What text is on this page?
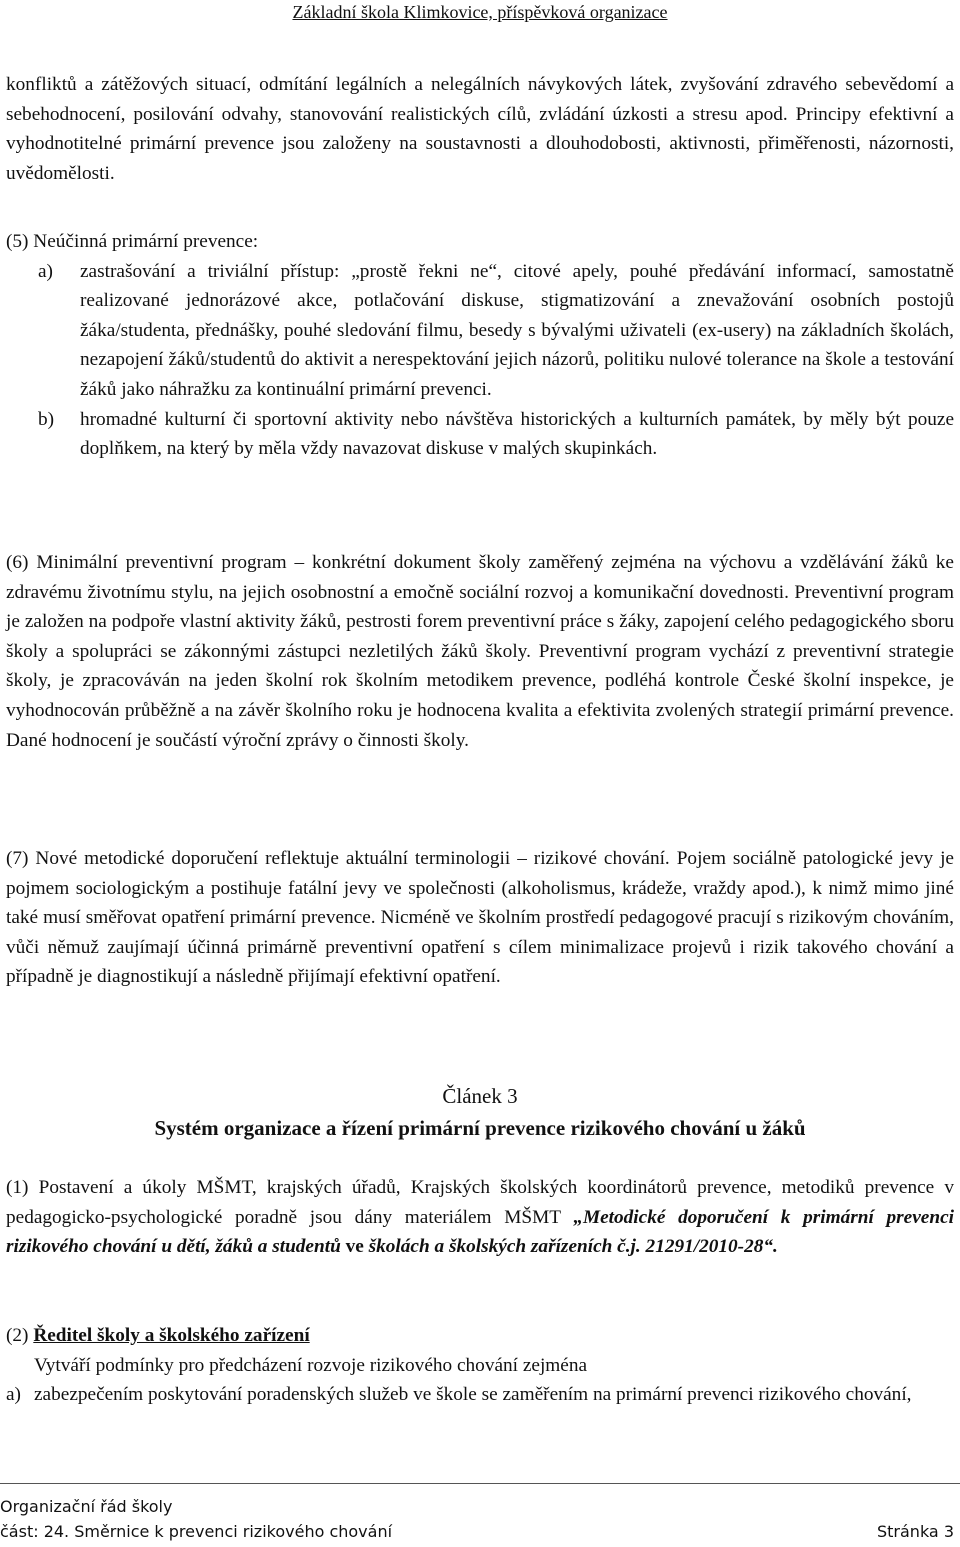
Základní škola Klimkovice, příspěvková organizace

konfliktů a zátěžových situací, odmítání legálních a nelegálních návykových látek, zvyšování zdravého sebevědomí a sebehodnocení, posilování odvahy, stanovování realistických cílů, zvládání úzkosti a stresu apod. Principy efektivní a vyhodnotitelné primární prevence jsou založeny na soustavnosti a dlouhodobosti, aktivnosti, přiměřenosti, názornosti, uvědomělosti.

(5) Neúčinná primární prevence:

a) zastrašování a triviální přístup: „prostě řekni ne“, citové apely, pouhé předávání informací, samostatně realizované jednorázové akce, potlačování diskuse, stigmatizování a znevažování osobních postojů žáka/studenta, přednášky, pouhé sledování filmu, besedy s bývalými uživateli (ex-usery) na základních školách, nezapojení žáků/studentů do aktivit a nerespektování jejich názorů, politiku nulové tolerance na škole a testování žáků jako náhražku za kontinuální primární prevenci.

b) hromadné kulturní či sportovní aktivity nebo návštěva historických a kulturních památek, by měly být pouze doplňkem, na který by měla vždy navazovat diskuse v malých skupinkách.

(6) Minimální preventivní program – konkrétní dokument školy zaměřený zejména na výchovu a vzdělávání žáků ke zdravému životnímu stylu, na jejich osobnostní a emočně sociální rozvoj a komunikační dovednosti. Preventivní program je založen na podpoře vlastní aktivity žáků, pestrosti forem preventivní práce s žáky, zapojení celého pedagogického sboru školy a spolupráci se zákonnými zástupci nezletilých žáků školy. Preventivní program vychází z preventivní strategie školy, je zpracováván na jeden školní rok školním metodikem prevence, podléhá kontrole České školní inspekce, je vyhodnocován průběžně a na závěr školního roku je hodnocena kvalita a efektivita zvolených strategií primární prevence. Dané hodnocení je součástí výroční zprávy o činnosti školy.

(7) Nové metodické doporučení reflektuje aktuální terminologii – rizikové chování. Pojem sociálně patologické jevy je pojmem sociologickým a postihuje fatální jevy ve společnosti (alkoholismus, krádeže, vraždy apod.), k nimž mimo jiné také musí směřovat opatření primární prevence. Nicméně ve školním prostředí pedagogové pracují s rizikovým chováním, vůči němuž zaujímají účinná primárně preventivní opatření s cílem minimalizace projevů i rizik takového chování a případně je diagnostikují a následně přijímají efektivní opatření.

Článek 3
Systém organizace a řízení primární prevence rizikového chování u žáků

(1) Postavení a úkoly MŠMT, krajských úřadů, Krajských školských koordinátorů prevence, metodiků prevence v pedagogicko-psychologické poradně jsou dány materiálem MŠMT „Metodické doporučení k primární prevenci rizikového chování u dětí, žáků a studentů ve školách a školských zařízeních č.j. 21291/2010-28“.

(2) Ředitel školy a školského zařízení

Vytváří podmínky pro předcházení rozvoje rizikového chování zejména

a) zabezpečením poskytování poradenských služeb ve škole se zaměřením na primární prevenci rizikového chování,

Organizační řád školy
část: 24. Směrnice k prevenci rizikového chování	Stránka 3
